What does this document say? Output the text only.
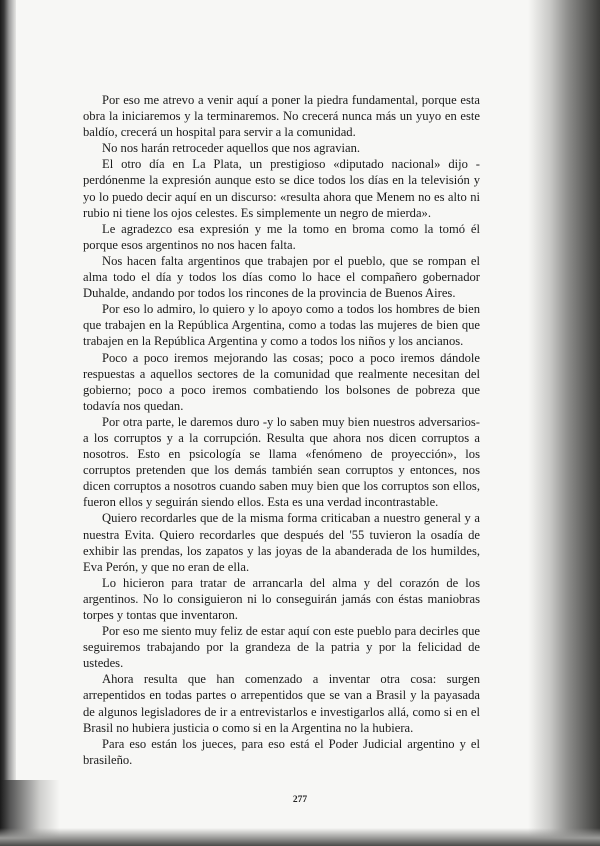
Por eso me atrevo a venir aquí a poner la piedra fundamental, porque esta obra la iniciaremos y la terminaremos. No crecerá nunca más un yuyo en este baldío, crecerá un hospital para servir a la comunidad.

No nos harán retroceder aquellos que nos agravian.

El otro día en La Plata, un prestigioso «diputado nacional» dijo -perdónenme la expresión aunque esto se dice todos los días en la televisión y yo lo puedo decir aquí en un discurso: «resulta ahora que Menem no es alto ni rubio ni tiene los ojos celestes. Es simplemente un negro de mierda».

Le agradezco esa expresión y me la tomo en broma como la tomó él porque esos argentinos no nos hacen falta.

Nos hacen falta argentinos que trabajen por el pueblo, que se rompan el alma todo el día y todos los días como lo hace el compañero gobernador Duhalde, andando por todos los rincones de la provincia de Buenos Aires.

Por eso lo admiro, lo quiero y lo apoyo como a todos los hombres de bien que trabajen en la República Argentina, como a todas las mujeres de bien que trabajen en la República Argentina y como a todos los niños y los ancianos.

Poco a poco iremos mejorando las cosas; poco a poco iremos dándole respuestas a aquellos sectores de la comunidad que realmente necesitan del gobierno; poco a poco iremos combatiendo los bolsones de pobreza que todavía nos quedan.

Por otra parte, le daremos duro -y lo saben muy bien nuestros adversarios- a los corruptos y a la corrupción. Resulta que ahora nos dicen corruptos a nosotros. Esto en psicología se llama «fenómeno de proyección», los corruptos pretenden que los demás también sean corruptos y entonces, nos dicen corruptos a nosotros cuando saben muy bien que los corruptos son ellos, fueron ellos y seguirán siendo ellos. Esta es una verdad incontrastable.

Quiero recordarles que de la misma forma criticaban a nuestro general y a nuestra Evita. Quiero recordarles que después del '55 tuvieron la osadía de exhibir las prendas, los zapatos y las joyas de la abanderada de los humildes, Eva Perón, y que no eran de ella.

Lo hicieron para tratar de arrancarla del alma y del corazón de los argentinos. No lo consiguieron ni lo conseguirán jamás con éstas maniobras torpes y tontas que inventaron.

Por eso me siento muy feliz de estar aquí con este pueblo para decirles que seguiremos trabajando por la grandeza de la patria y por la felicidad de ustedes.

Ahora resulta que han comenzado a inventar otra cosa: surgen arrepentidos en todas partes o arrepentidos que se van a Brasil y la payasada de algunos legisladores de ir a entrevistarlos e investigarlos allá, como si en el Brasil no hubiera justicia o como si en la Argentina no la hubiera.

Para eso están los jueces, para eso está el Poder Judicial argentino y el brasileño.

277
